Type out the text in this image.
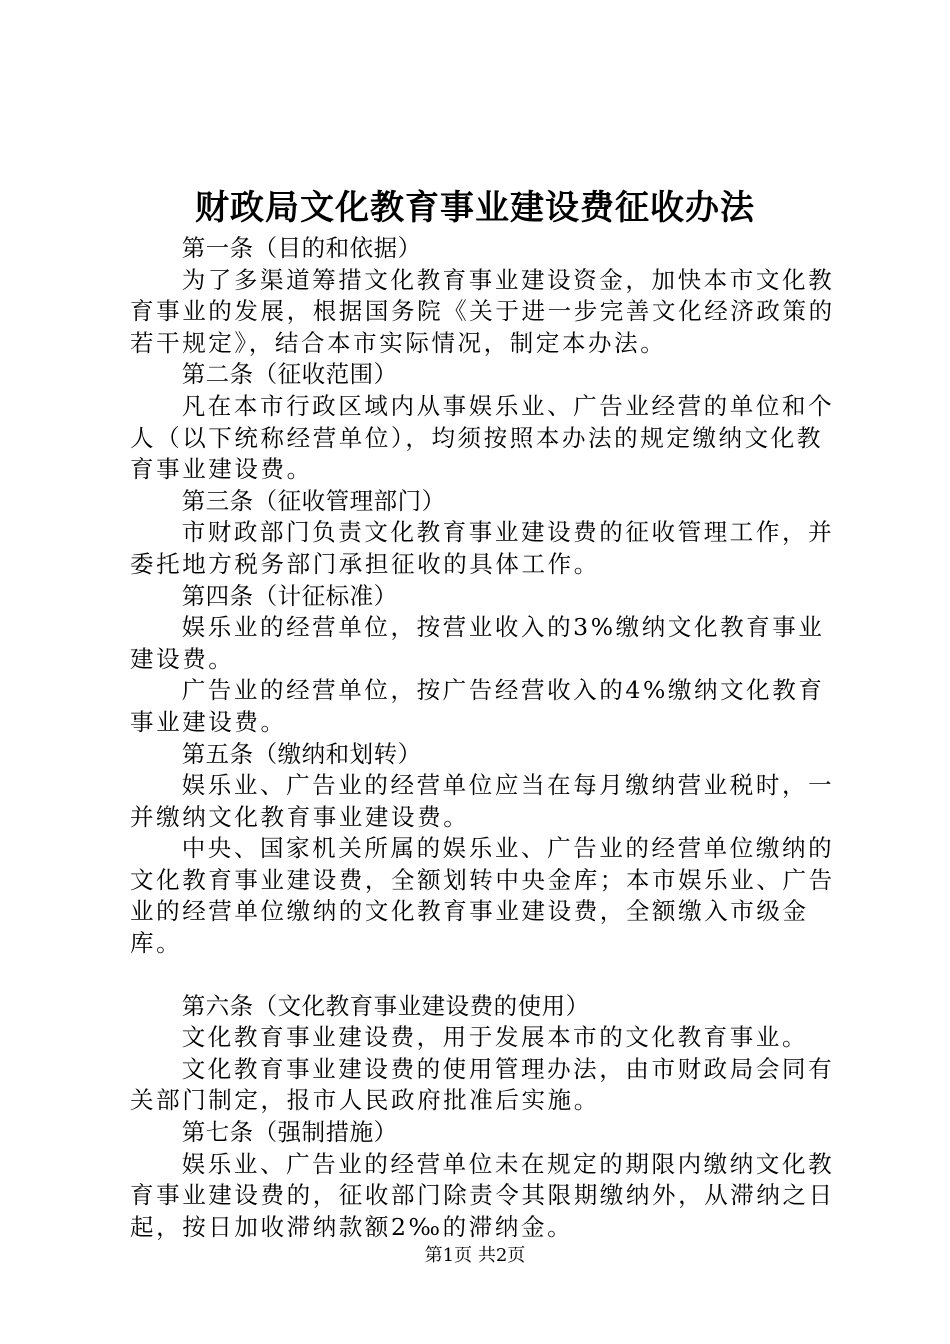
财政局文化教育事业建设费征收办法

第一条（目的和依据）

为了多渠道筹措文化教育事业建设资金，加快本市文化教育事业的发展，根据国务院《关于进一步完善文化经济政策的若干规定》，结合本市实际情况，制定本办法。

第二条（征收范围）

凡在本市行政区域内从事娱乐业、广告业经营的单位和个人（以下统称经营单位），均须按照本办法的规定缴纳文化教育事业建设费。

第三条（征收管理部门）

市财政部门负责文化教育事业建设费的征收管理工作，并委托地方税务部门承担征收的具体工作。

第四条（计征标准）

娱乐业的经营单位，按营业收入的3%缴纳文化教育事业建设费。

广告业的经营单位，按广告经营收入的4%缴纳文化教育事业建设费。

第五条（缴纳和划转）

娱乐业、广告业的经营单位应当在每月缴纳营业税时，一并缴纳文化教育事业建设费。

中央、国家机关所属的娱乐业、广告业的经营单位缴纳的文化教育事业建设费，全额划转中央金库；本市娱乐业、广告业的经营单位缴纳的文化教育事业建设费，全额缴入市级金库。

第六条（文化教育事业建设费的使用）

文化教育事业建设费，用于发展本市的文化教育事业。

文化教育事业建设费的使用管理办法，由市财政局会同有关部门制定，报市人民政府批准后实施。

第七条（强制措施）

娱乐业、广告业的经营单位未在规定的期限内缴纳文化教育事业建设费的，征收部门除责令其限期缴纳外，从滞纳之日起，按日加收滞纳款额2‰的滞纳金。

第1页 共2页
